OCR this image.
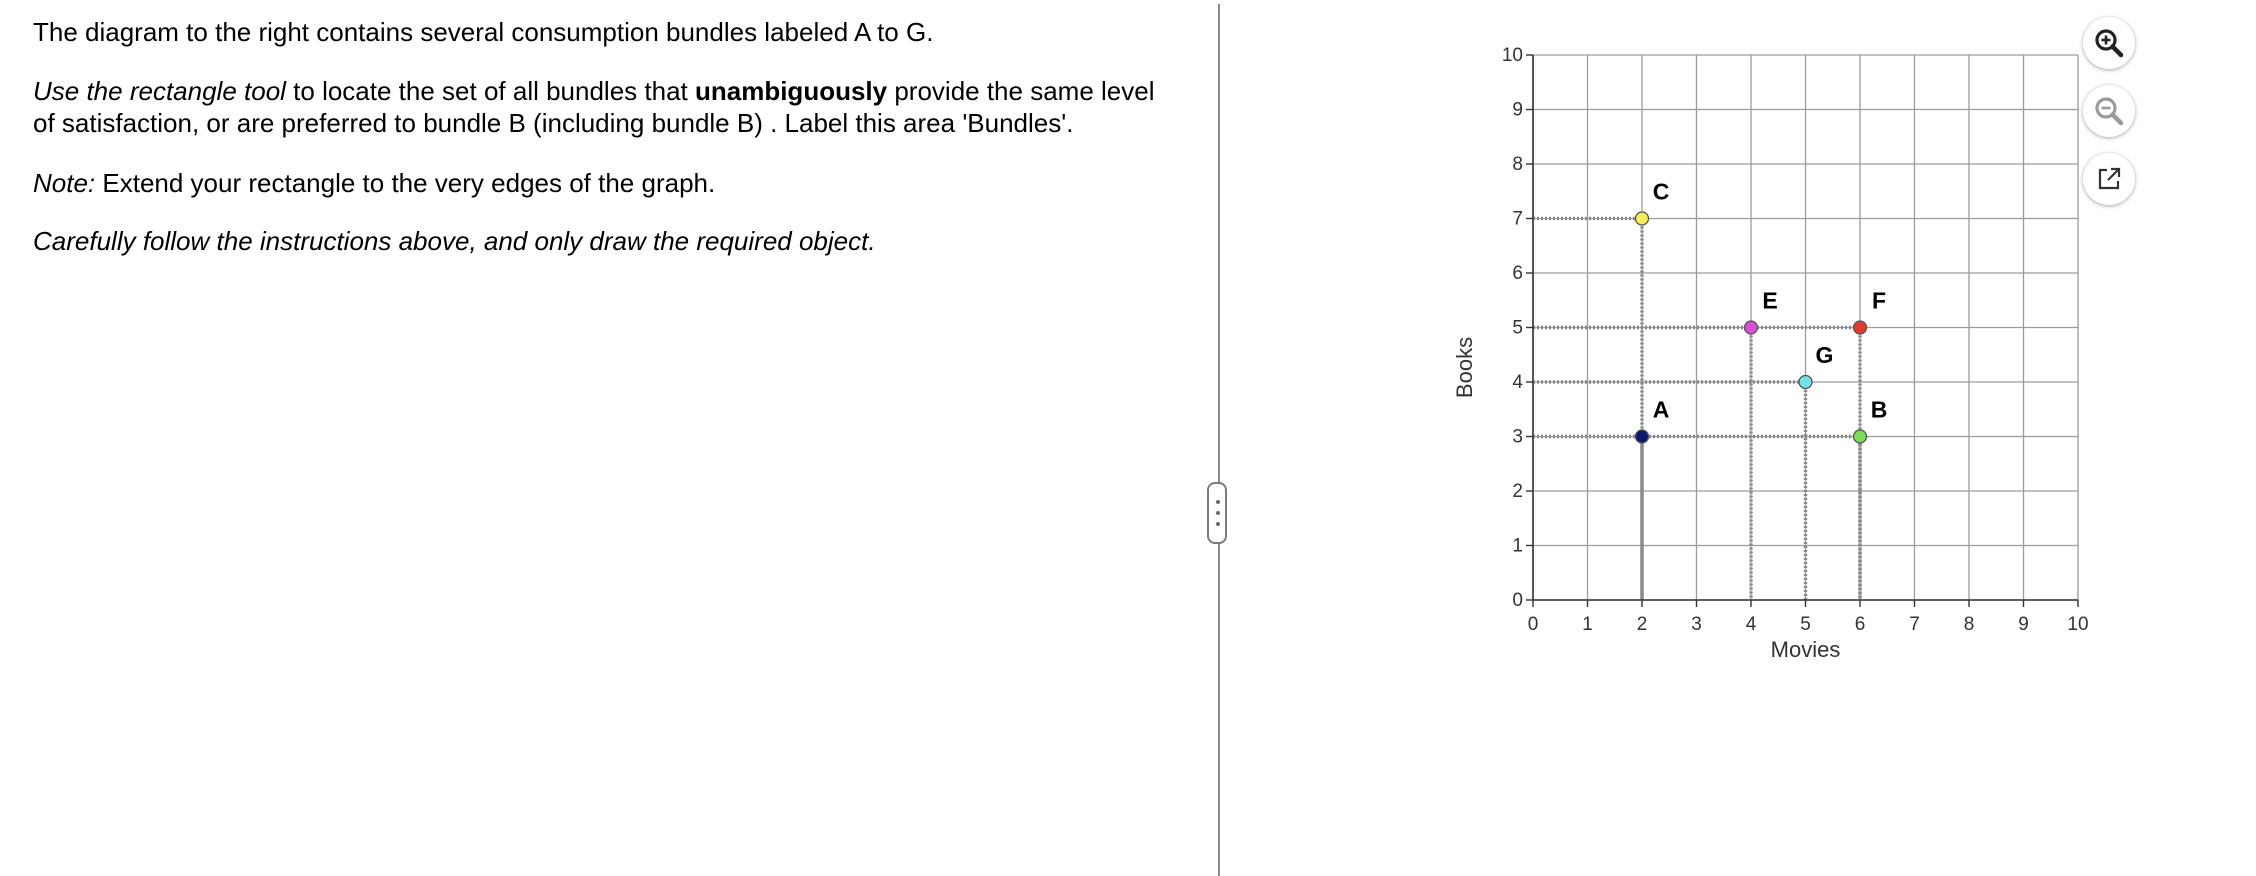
The diagram to the right contains several consumption bundles labeled A to G.

Use the rectangle tool to locate the set of all bundles that unambiguously provide the same level

of satisfaction, or are preferred to bundle B (including bundle B) . Label this area 'Bundles'.

Note: Extend your rectangle to the very edges of the graph.

Carefully follow the instructions above, and only draw the required object.

0 1 2 3 4 5 6 7 8 9 10
0
1
2
3
4
5
6
7
8
9
10
A	B
C
E	F
G
Movies
Books
